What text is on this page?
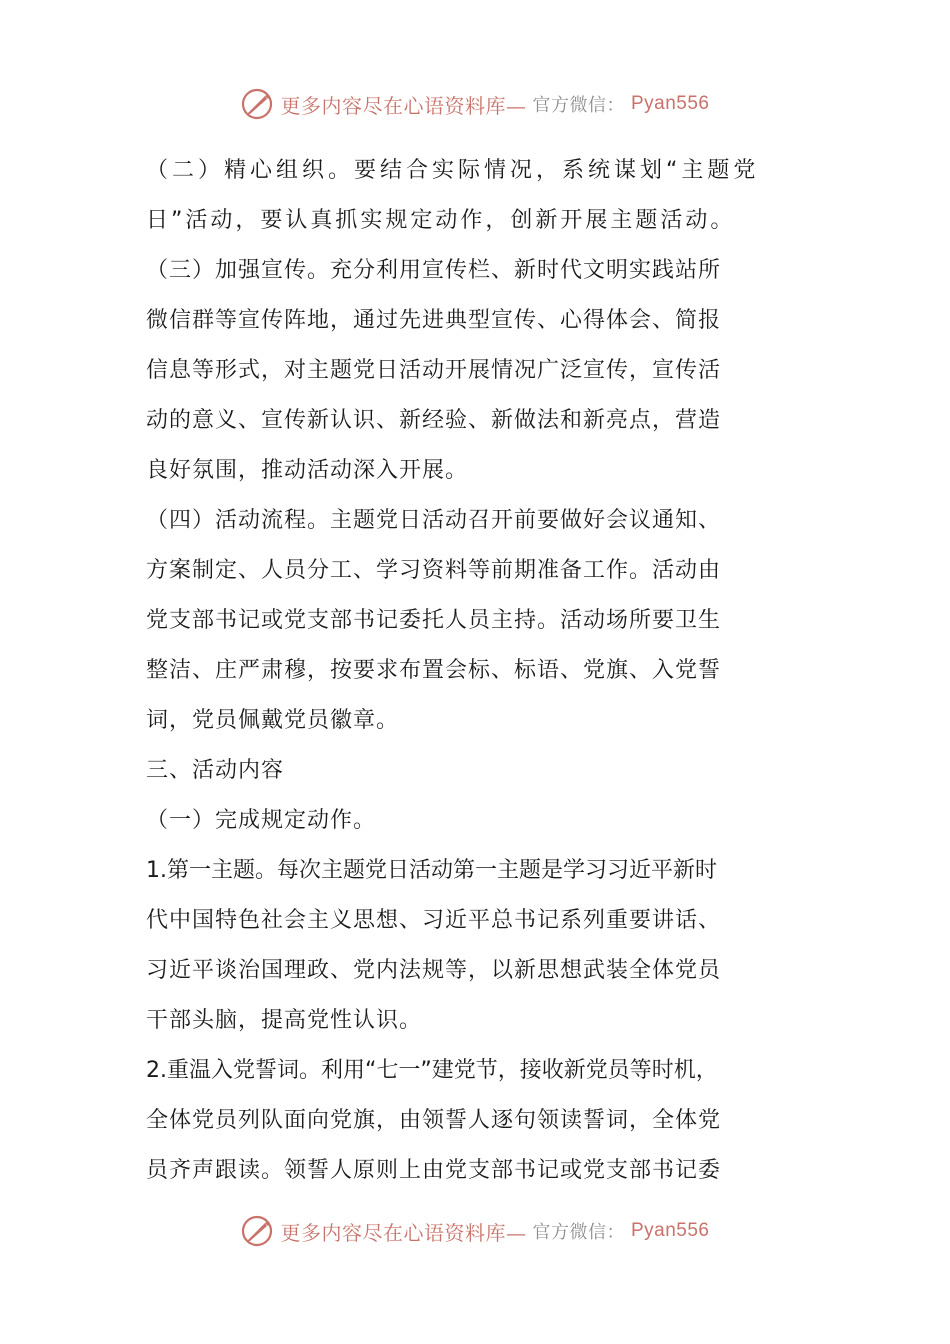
更多内容尽在心语资料库— 官方微信： Pyan556
（二）精心组织。要结合实际情况，系统谋划“主题党
日”活动，要认真抓实规定动作，创新开展主题活动。
（三）加强宣传。充分利用宣传栏、新时代文明实践站所
微信群等宣传阵地，通过先进典型宣传、心得体会、简报
信息等形式，对主题党日活动开展情况广泛宣传，宣传活
动的意义、宣传新认识、新经验、新做法和新亮点，营造
良好氛围，推动活动深入开展。
（四）活动流程。主题党日活动召开前要做好会议通知、
方案制定、人员分工、学习资料等前期准备工作。活动由
党支部书记或党支部书记委托人员主持。活动场所要卫生
整洁、庄严肃穆，按要求布置会标、标语、党旗、入党誓
词，党员佩戴党员徽章。
三、活动内容
（一）完成规定动作。
1.第一主题。每次主题党日活动第一主题是学习习近平新时
代中国特色社会主义思想、习近平总书记系列重要讲话、
习近平谈治国理政、党内法规等，以新思想武装全体党员
干部头脑，提高党性认识。
2.重温入党誓词。利用“七一”建党节，接收新党员等时机，
全体党员列队面向党旗，由领誓人逐句领读誓词，全体党
员齐声跟读。领誓人原则上由党支部书记或党支部书记委
更多内容尽在心语资料库— 官方微信： Pyan556
